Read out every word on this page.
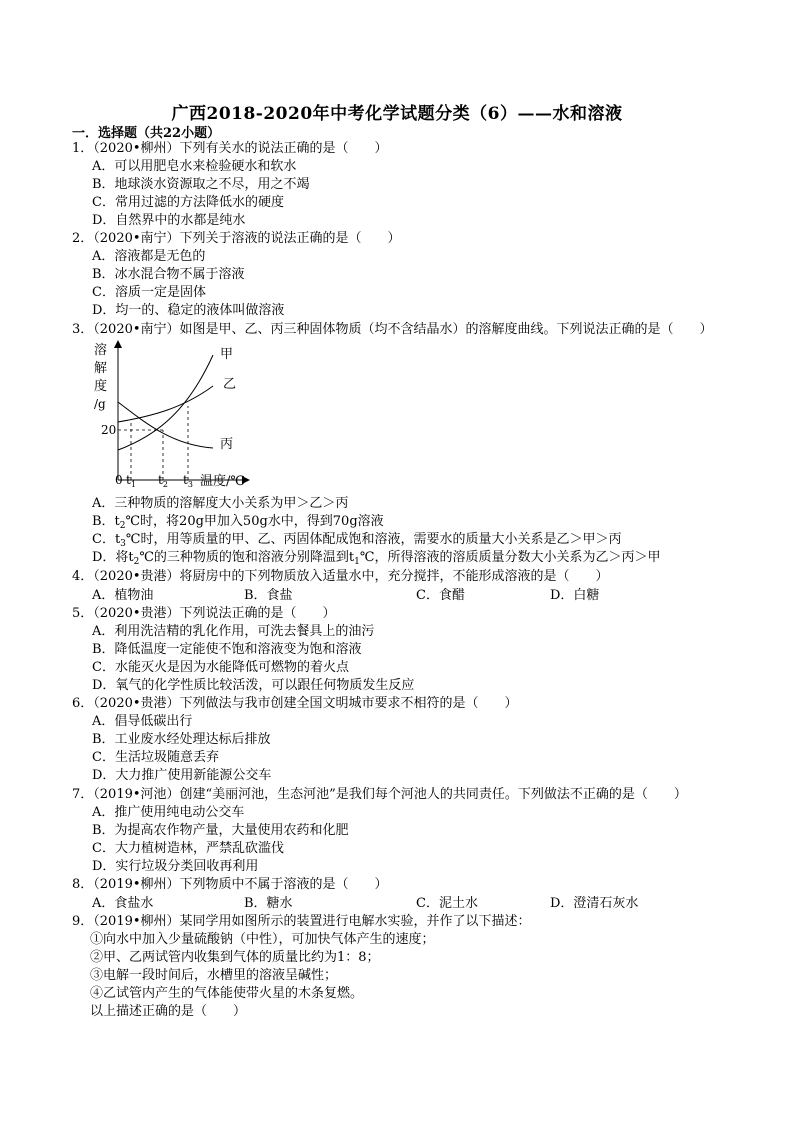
广西2018-2020年中考化学试题分类（6）——水和溶液
一．选择题（共22小题）
1．（2020•柳州）下列有关水的说法正确的是（　　）
A．可以用肥皂水来检验硬水和软水
B．地球淡水资源取之不尽，用之不竭
C．常用过滤的方法降低水的硬度
D．自然界中的水都是纯水
2．（2020•南宁）下列关于溶液的说法正确的是（　　）
A．溶液都是无色的
B．冰水混合物不属于溶液
C．溶质一定是固体
D．均一的、稳定的液体叫做溶液
3．（2020•南宁）如图是甲、乙、丙三种固体物质（均不含结晶水）的溶解度曲线。下列说法正确的是（　　）
溶
解
度
/g
甲
乙
丙
20
0 $t_1$ $t_2$ $t_3$ 温度/℃
A．三种物质的溶解度大小关系为甲＞乙＞丙
B．$t_2℃$时，将20g甲加入50g水中，得到70g溶液
C．$t_3℃$时，用等质量的甲、乙、丙固体配成饱和溶液，需要水的质量大小关系是乙＞甲＞丙
D．将$t_2℃$的三种物质的饱和溶液分别降温到$t_1℃$，所得溶液的溶质质量分数大小关系为乙＞丙＞甲
4．（2020•贵港）将厨房中的下列物质放入适量水中，充分搅拌，不能形成溶液的是（　　）
A．植物油	B．食盐	C．食醋	D．白糖
5．（2020•贵港）下列说法正确的是（　　）
A．利用洗洁精的乳化作用，可洗去餐具上的油污
B．降低温度一定能使不饱和溶液变为饱和溶液
C．水能灭火是因为水能降低可燃物的着火点
D．氧气的化学性质比较活泼，可以跟任何物质发生反应
6．（2020•贵港）下列做法与我市创建全国文明城市要求不相符的是（　　）
A．倡导低碳出行
B．工业废水经处理达标后排放
C．生活垃圾随意丢弃
D．大力推广使用新能源公交车
7．（2019•河池）创建“美丽河池，生态河池”是我们每个河池人的共同责任。下列做法不正确的是（　　）
A．推广使用纯电动公交车
B．为提高农作物产量，大量使用农药和化肥
C．大力植树造林，严禁乱砍滥伐
D．实行垃圾分类回收再利用
8．（2019•柳州）下列物质中不属于溶液的是（　　）
A．食盐水	B．糖水	C．泥土水	D．澄清石灰水
9．（2019•柳州）某同学用如图所示的装置进行电解水实验，并作了以下描述：
①向水中加入少量硫酸钠（中性），可加快气体产生的速度；
②甲、乙两试管内收集到气体的质量比约为1：8；
③电解一段时间后，水槽里的溶液呈碱性；
④乙试管内产生的气体能使带火星的木条复燃。
以上描述正确的是（　　）
